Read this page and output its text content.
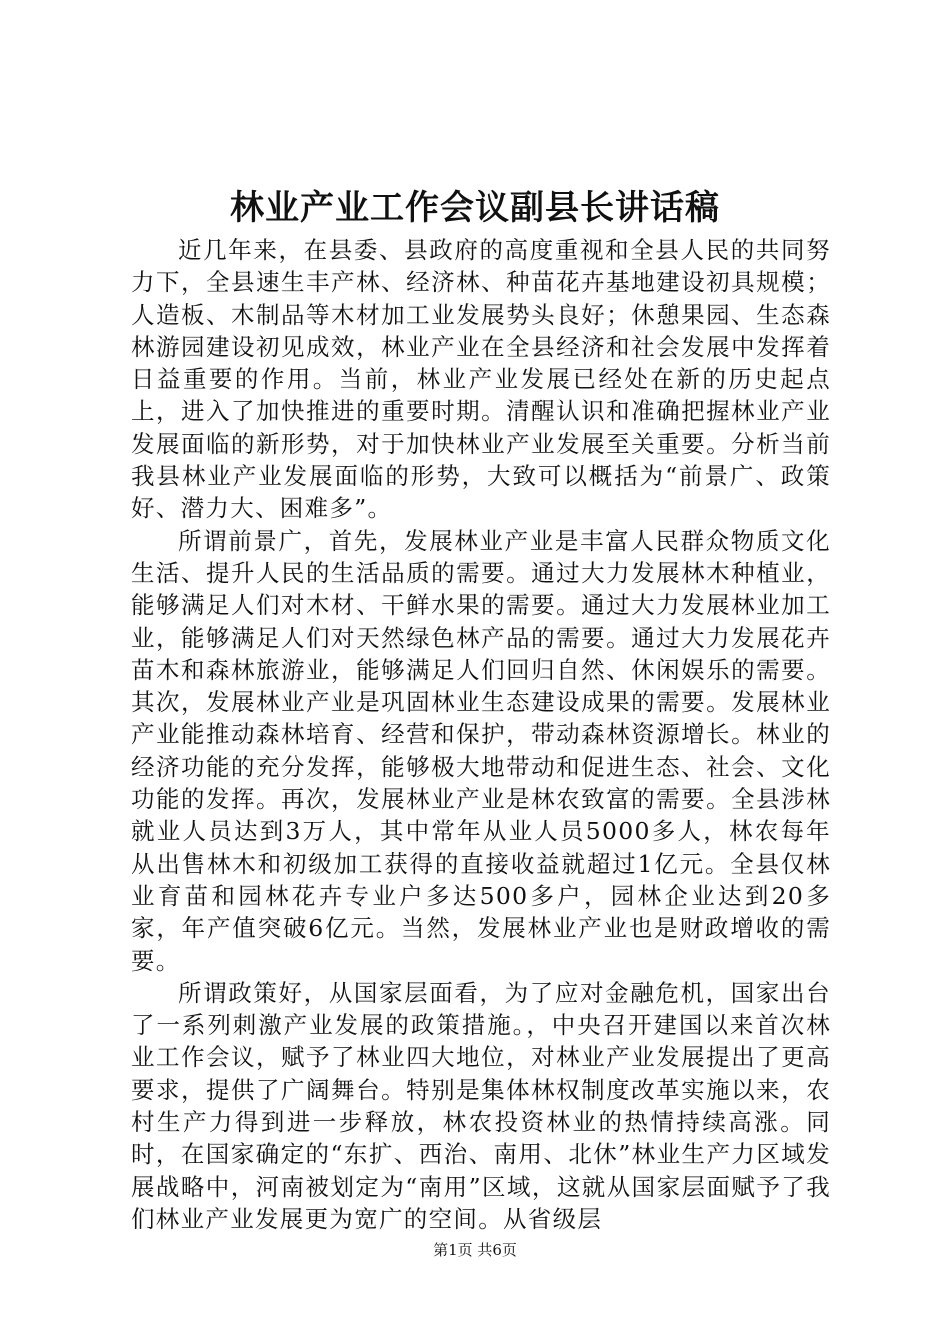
林业产业工作会议副县长讲话稿

近几年来，在县委、县政府的高度重视和全县人民的共同努力下，全县速生丰产林、经济林、种苗花卉基地建设初具规模；人造板、木制品等木材加工业发展势头良好；休憩果园、生态森林游园建设初见成效，林业产业在全县经济和社会发展中发挥着日益重要的作用。当前，林业产业发展已经处在新的历史起点上，进入了加快推进的重要时期。清醒认识和准确把握林业产业发展面临的新形势，对于加快林业产业发展至关重要。分析当前我县林业产业发展面临的形势，大致可以概括为“前景广、政策好、潜力大、困难多”。

所谓前景广，首先，发展林业产业是丰富人民群众物质文化生活、提升人民的生活品质的需要。通过大力发展林木种植业，能够满足人们对木材、干鲜水果的需要。通过大力发展林业加工业，能够满足人们对天然绿色林产品的需要。通过大力发展花卉苗木和森林旅游业，能够满足人们回归自然、休闲娱乐的需要。其次，发展林业产业是巩固林业生态建设成果的需要。发展林业产业能推动森林培育、经营和保护，带动森林资源增长。林业的经济功能的充分发挥，能够极大地带动和促进生态、社会、文化功能的发挥。再次，发展林业产业是林农致富的需要。全县涉林就业人员达到3万人，其中常年从业人员5000多人，林农每年从出售林木和初级加工获得的直接收益就超过1亿元。全县仅林业育苗和园林花卉专业户多达500多户，园林企业达到20多家，年产值突破6亿元。当然，发展林业产业也是财政增收的需要。

所谓政策好，从国家层面看，为了应对金融危机，国家出台了一系列刺激产业发展的政策措施。，中央召开建国以来首次林业工作会议，赋予了林业四大地位，对林业产业发展提出了更高要求，提供了广阔舞台。特别是集体林权制度改革实施以来，农村生产力得到进一步释放，林农投资林业的热情持续高涨。同时，在国家确定的“东扩、西治、南用、北休”林业生产力区域发展战略中，河南被划定为“南用”区域，这就从国家层面赋予了我们林业产业发展更为宽广的空间。从省级层

第1页 共6页
